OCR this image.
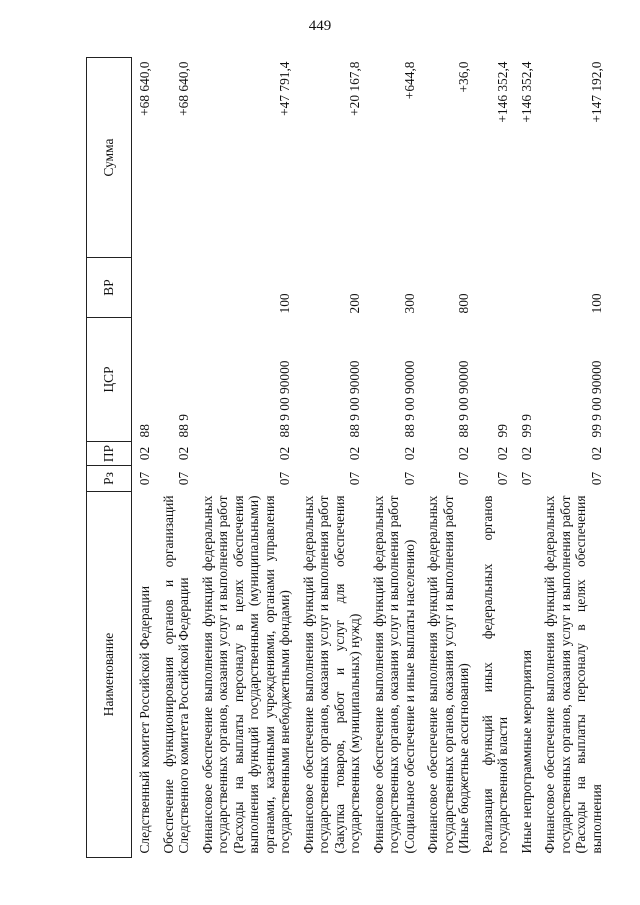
449
Наименование	Рз	ПР	ЦСР	ВР	Сумма
Следственный комитет Российской Федерации	07	02	88		+68 640,0
Обеспечение функционирования органов и организаций Следственного комитета Российской Федерации	07	02	88 9		+68 640,0
Финансовое обеспечение выполнения функций федеральных государственных органов, оказания услуг и выполнения работ (Расходы на выплаты персоналу в целях обеспечения выполнения функций государственными (муниципальными) органами, казенными учреждениями, органами управления государственными внебюджетными фондами)	07	02	88 9 00 90000	100	+47 791,4
Финансовое обеспечение выполнения функций федеральных государственных органов, оказания услуг и выполнения работ (Закупка товаров, работ и услуг для обеспечения государственных (муниципальных) нужд)	07	02	88 9 00 90000	200	+20 167,8
Финансовое обеспечение выполнения функций федеральных государственных органов, оказания услуг и выполнения работ (Социальное обеспечение и иные выплаты населению)	07	02	88 9 00 90000	300	+644,8
Финансовое обеспечение выполнения функций федеральных государственных органов, оказания услуг и выполнения работ (Иные бюджетные ассигнования)	07	02	88 9 00 90000	800	+36,0
Реализация функций иных федеральных органов государственной власти	07	02	99		+146 352,4
Иные непрограммные мероприятия	07	02	99 9		+146 352,4
Финансовое обеспечение выполнения функций федеральных государственных органов, оказания услуг и выполнения работ (Расходы на выплаты персоналу в целях обеспечения выполнения	07	02	99 9 00 90000	100	+147 192,0
